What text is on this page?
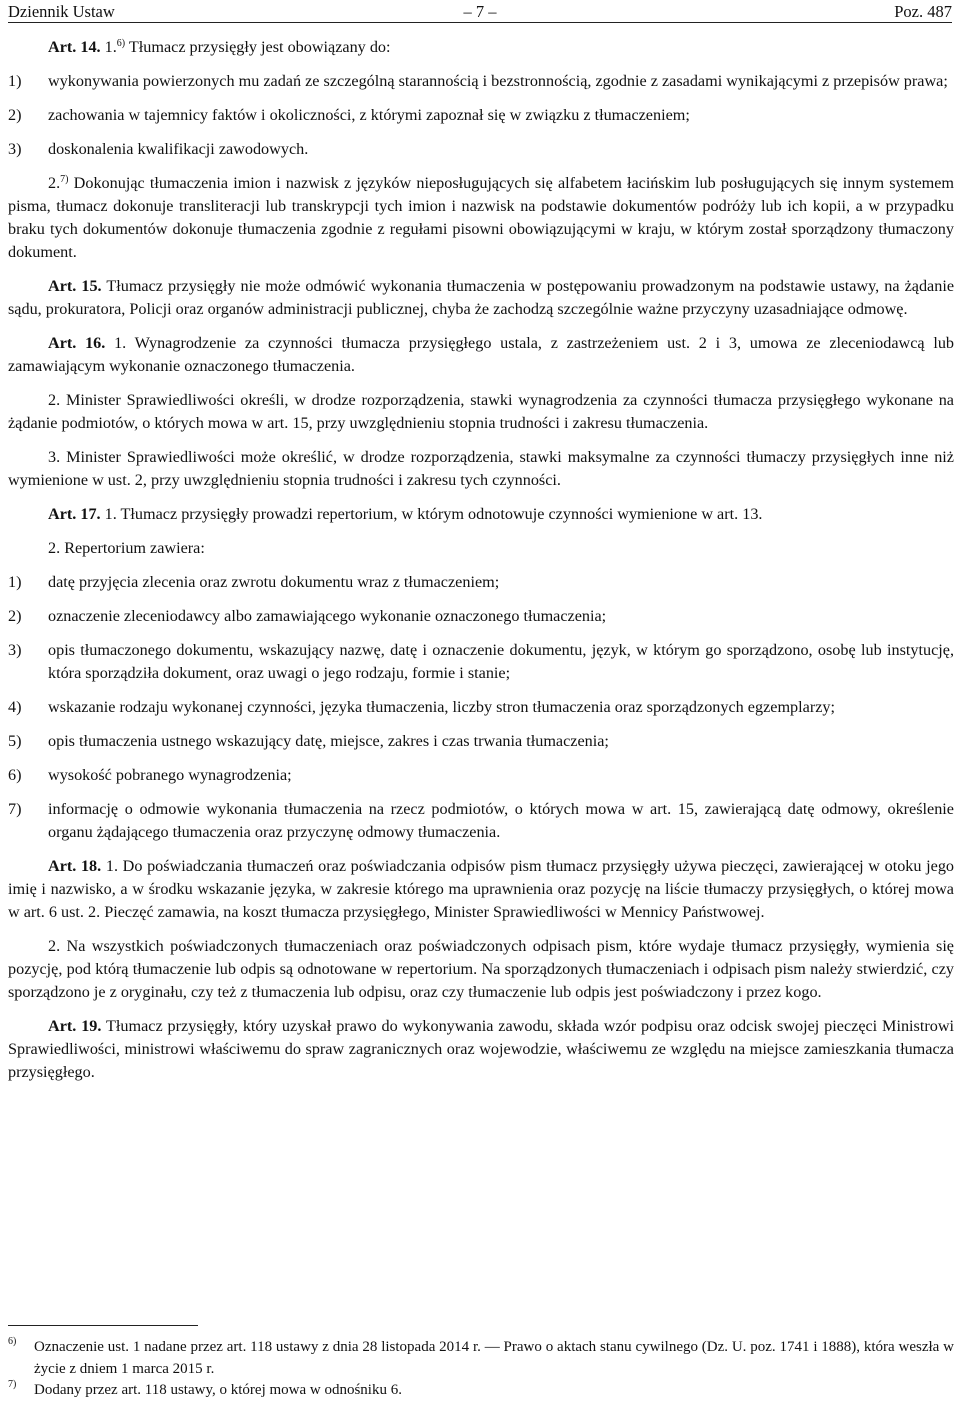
Dziennik Ustaw	– 7 –	Poz. 487

Art. 14. 1.$^{6)}$ Tłumacz przysięgły jest obowiązany do:

1) wykonywania powierzonych mu zadań ze szczególną starannością i bezstronnością, zgodnie z zasadami wynikającymi z przepisów prawa;
2) zachowania w tajemnicy faktów i okoliczności, z którymi zapoznał się w związku z tłumaczeniem;
3) doskonalenia kwalifikacji zawodowych.

2.$^{7)}$ Dokonując tłumaczenia imion i nazwisk z języków nieposługujących się alfabetem łacińskim lub posługujących się innym systemem pisma, tłumacz dokonuje transliteracji lub transkrypcji tych imion i nazwisk na podstawie dokumentów podróży lub ich kopii, a w przypadku braku tych dokumentów dokonuje tłumaczenia zgodnie z regułami pisowni obowiązującymi w kraju, w którym został sporządzony tłumaczony dokument.

Art. 15. Tłumacz przysięgły nie może odmówić wykonania tłumaczenia w postępowaniu prowadzonym na podstawie ustawy, na żądanie sądu, prokuratora, Policji oraz organów administracji publicznej, chyba że zachodzą szczególnie ważne przyczyny uzasadniające odmowę.

Art. 16. 1. Wynagrodzenie za czynności tłumacza przysięgłego ustala, z zastrzeżeniem ust. 2 i 3, umowa ze zleceniodawcą lub zamawiającym wykonanie oznaczonego tłumaczenia.

2. Minister Sprawiedliwości określi, w drodze rozporządzenia, stawki wynagrodzenia za czynności tłumacza przysięgłego wykonane na żądanie podmiotów, o których mowa w art. 15, przy uwzględnieniu stopnia trudności i zakresu tłumaczenia.

3. Minister Sprawiedliwości może określić, w drodze rozporządzenia, stawki maksymalne za czynności tłumaczy przysięgłych inne niż wymienione w ust. 2, przy uwzględnieniu stopnia trudności i zakresu tych czynności.

Art. 17. 1. Tłumacz przysięgły prowadzi repertorium, w którym odnotowuje czynności wymienione w art. 13.

2. Repertorium zawiera:

1) datę przyjęcia zlecenia oraz zwrotu dokumentu wraz z tłumaczeniem;
2) oznaczenie zleceniodawcy albo zamawiającego wykonanie oznaczonego tłumaczenia;
3) opis tłumaczonego dokumentu, wskazujący nazwę, datę i oznaczenie dokumentu, język, w którym go sporządzono, osobę lub instytucję, która sporządziła dokument, oraz uwagi o jego rodzaju, formie i stanie;
4) wskazanie rodzaju wykonanej czynności, języka tłumaczenia, liczby stron tłumaczenia oraz sporządzonych egzemplarzy;
5) opis tłumaczenia ustnego wskazujący datę, miejsce, zakres i czas trwania tłumaczenia;
6) wysokość pobranego wynagrodzenia;
7) informację o odmowie wykonania tłumaczenia na rzecz podmiotów, o których mowa w art. 15, zawierającą datę odmowy, określenie organu żądającego tłumaczenia oraz przyczynę odmowy tłumaczenia.

Art. 18. 1. Do poświadczania tłumaczeń oraz poświadczania odpisów pism tłumacz przysięgły używa pieczęci, zawierającej w otoku jego imię i nazwisko, a w środku wskazanie języka, w zakresie którego ma uprawnienia oraz pozycję na liście tłumaczy przysięgłych, o której mowa w art. 6 ust. 2. Pieczęć zamawia, na koszt tłumacza przysięgłego, Minister Sprawiedliwości w Mennicy Państwowej.

2. Na wszystkich poświadczonych tłumaczeniach oraz poświadczonych odpisach pism, które wydaje tłumacz przysięgły, wymienia się pozycję, pod którą tłumaczenie lub odpis są odnotowane w repertorium. Na sporządzonych tłumaczeniach i odpisach pism należy stwierdzić, czy sporządzono je z oryginału, czy też z tłumaczenia lub odpisu, oraz czy tłumaczenie lub odpis jest poświadczony i przez kogo.

Art. 19. Tłumacz przysięgły, który uzyskał prawo do wykonywania zawodu, składa wzór podpisu oraz odcisk swojej pieczęci Ministrowi Sprawiedliwości, ministrowi właściwemu do spraw zagranicznych oraz wojewodzie, właściwemu ze względu na miejsce zamieszkania tłumacza przysięgłego.

6) Oznaczenie ust. 1 nadane przez art. 118 ustawy z dnia 28 listopada 2014 r. — Prawo o aktach stanu cywilnego (Dz. U. poz. 1741 i 1888), która weszła w życie z dniem 1 marca 2015 r.
7) Dodany przez art. 118 ustawy, o której mowa w odnośniku 6.
